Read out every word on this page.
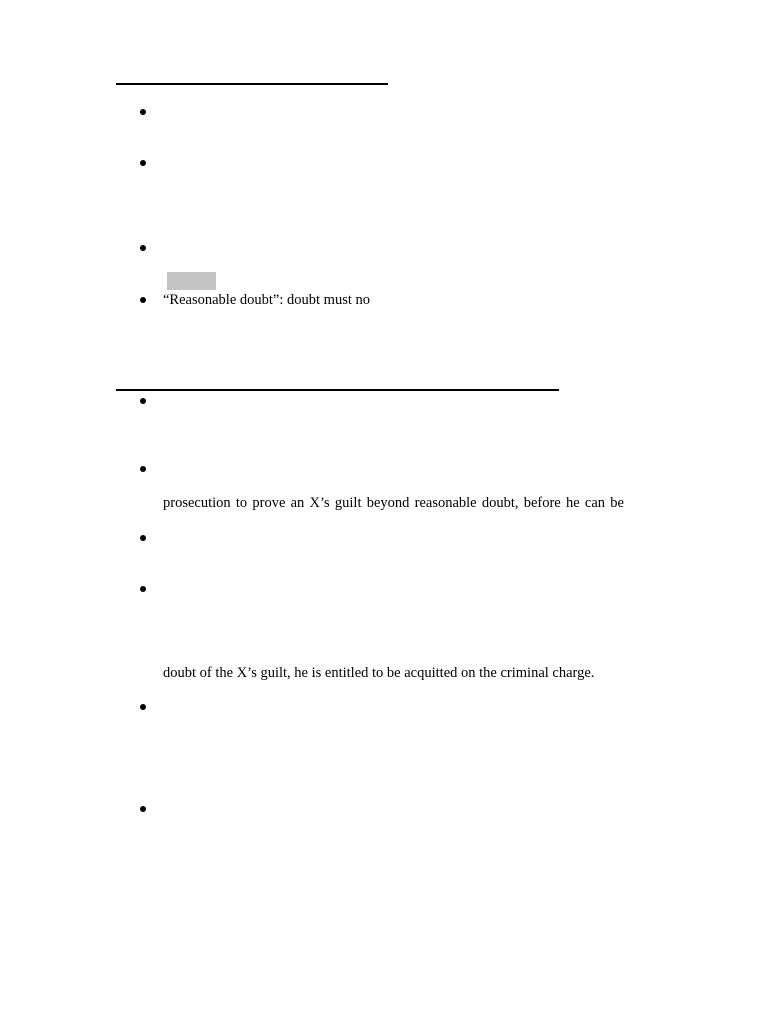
“Reasonable doubt”: doubt must no
prosecution to prove an X’s guilt beyond reasonable doubt, before he can be
doubt of the X’s guilt, he is entitled to be acquitted on the criminal charge.
